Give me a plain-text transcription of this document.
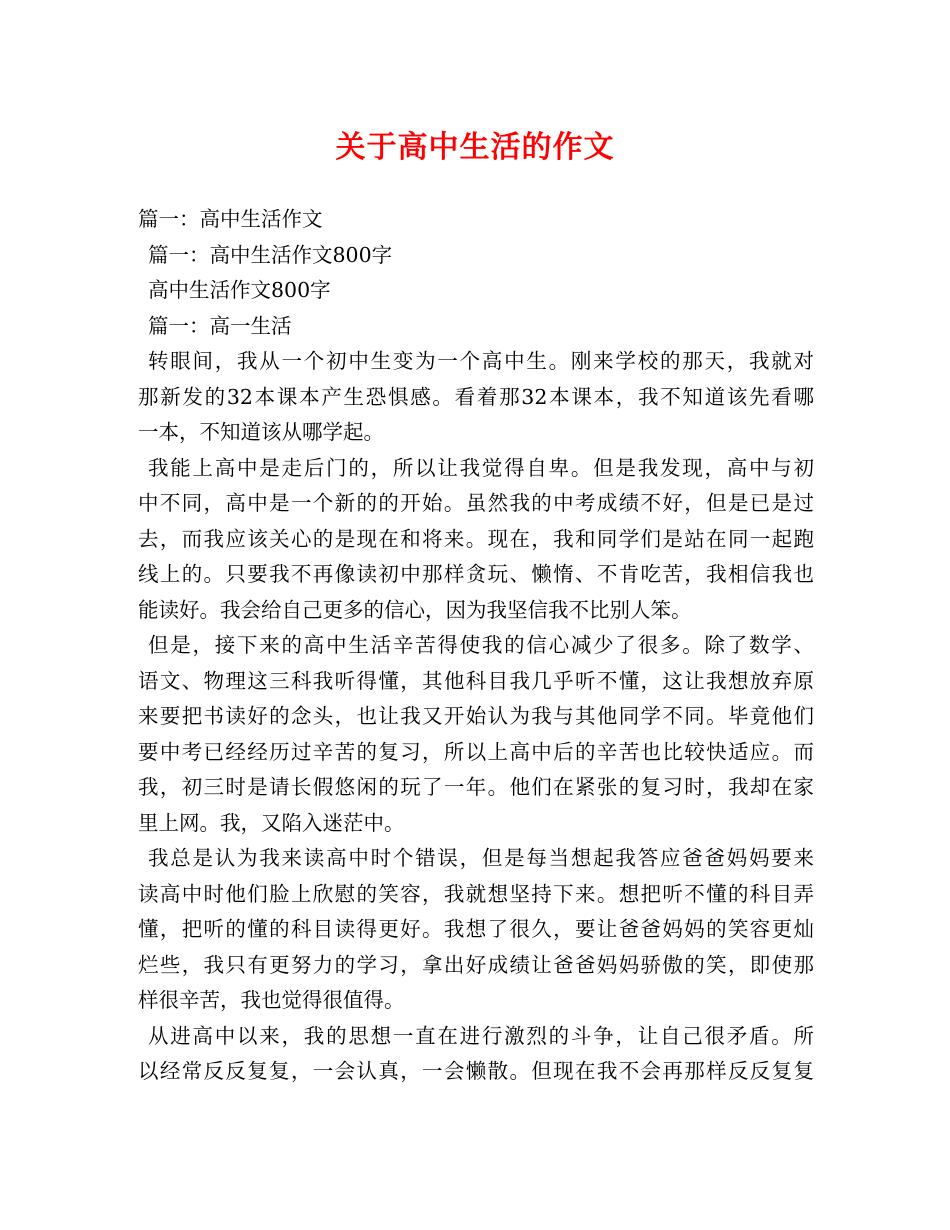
关于高中生活的作文
篇一：高中生活作文
篇一：高中生活作文800字
高中生活作文800字
篇一：高一生活
转眼间，我从一个初中生变为一个高中生。刚来学校的那天，我就对
那新发的32本课本产生恐惧感。看着那32本课本，我不知道该先看哪
一本，不知道该从哪学起。
我能上高中是走后门的，所以让我觉得自卑。但是我发现，高中与初
中不同，高中是一个新的的开始。虽然我的中考成绩不好，但是已是过
去，而我应该关心的是现在和将来。现在，我和同学们是站在同一起跑
线上的。只要我不再像读初中那样贪玩、懒惰、不肯吃苦，我相信我也
能读好。我会给自己更多的信心，因为我坚信我不比别人笨。
但是，接下来的高中生活辛苦得使我的信心减少了很多。除了数学、
语文、物理这三科我听得懂，其他科目我几乎听不懂，这让我想放弃原
来要把书读好的念头，也让我又开始认为我与其他同学不同。毕竟他们
要中考已经经历过辛苦的复习，所以上高中后的辛苦也比较快适应。而
我，初三时是请长假悠闲的玩了一年。他们在紧张的复习时，我却在家
里上网。我，又陷入迷茫中。
我总是认为我来读高中时个错误，但是每当想起我答应爸爸妈妈要来
读高中时他们脸上欣慰的笑容，我就想坚持下来。想把听不懂的科目弄
懂，把听的懂的科目读得更好。我想了很久，要让爸爸妈妈的笑容更灿
烂些，我只有更努力的学习，拿出好成绩让爸爸妈妈骄傲的笑，即使那
样很辛苦，我也觉得很值得。
从进高中以来，我的思想一直在进行激烈的斗争，让自己很矛盾。所
以经常反反复复，一会认真，一会懒散。但现在我不会再那样反反复复
